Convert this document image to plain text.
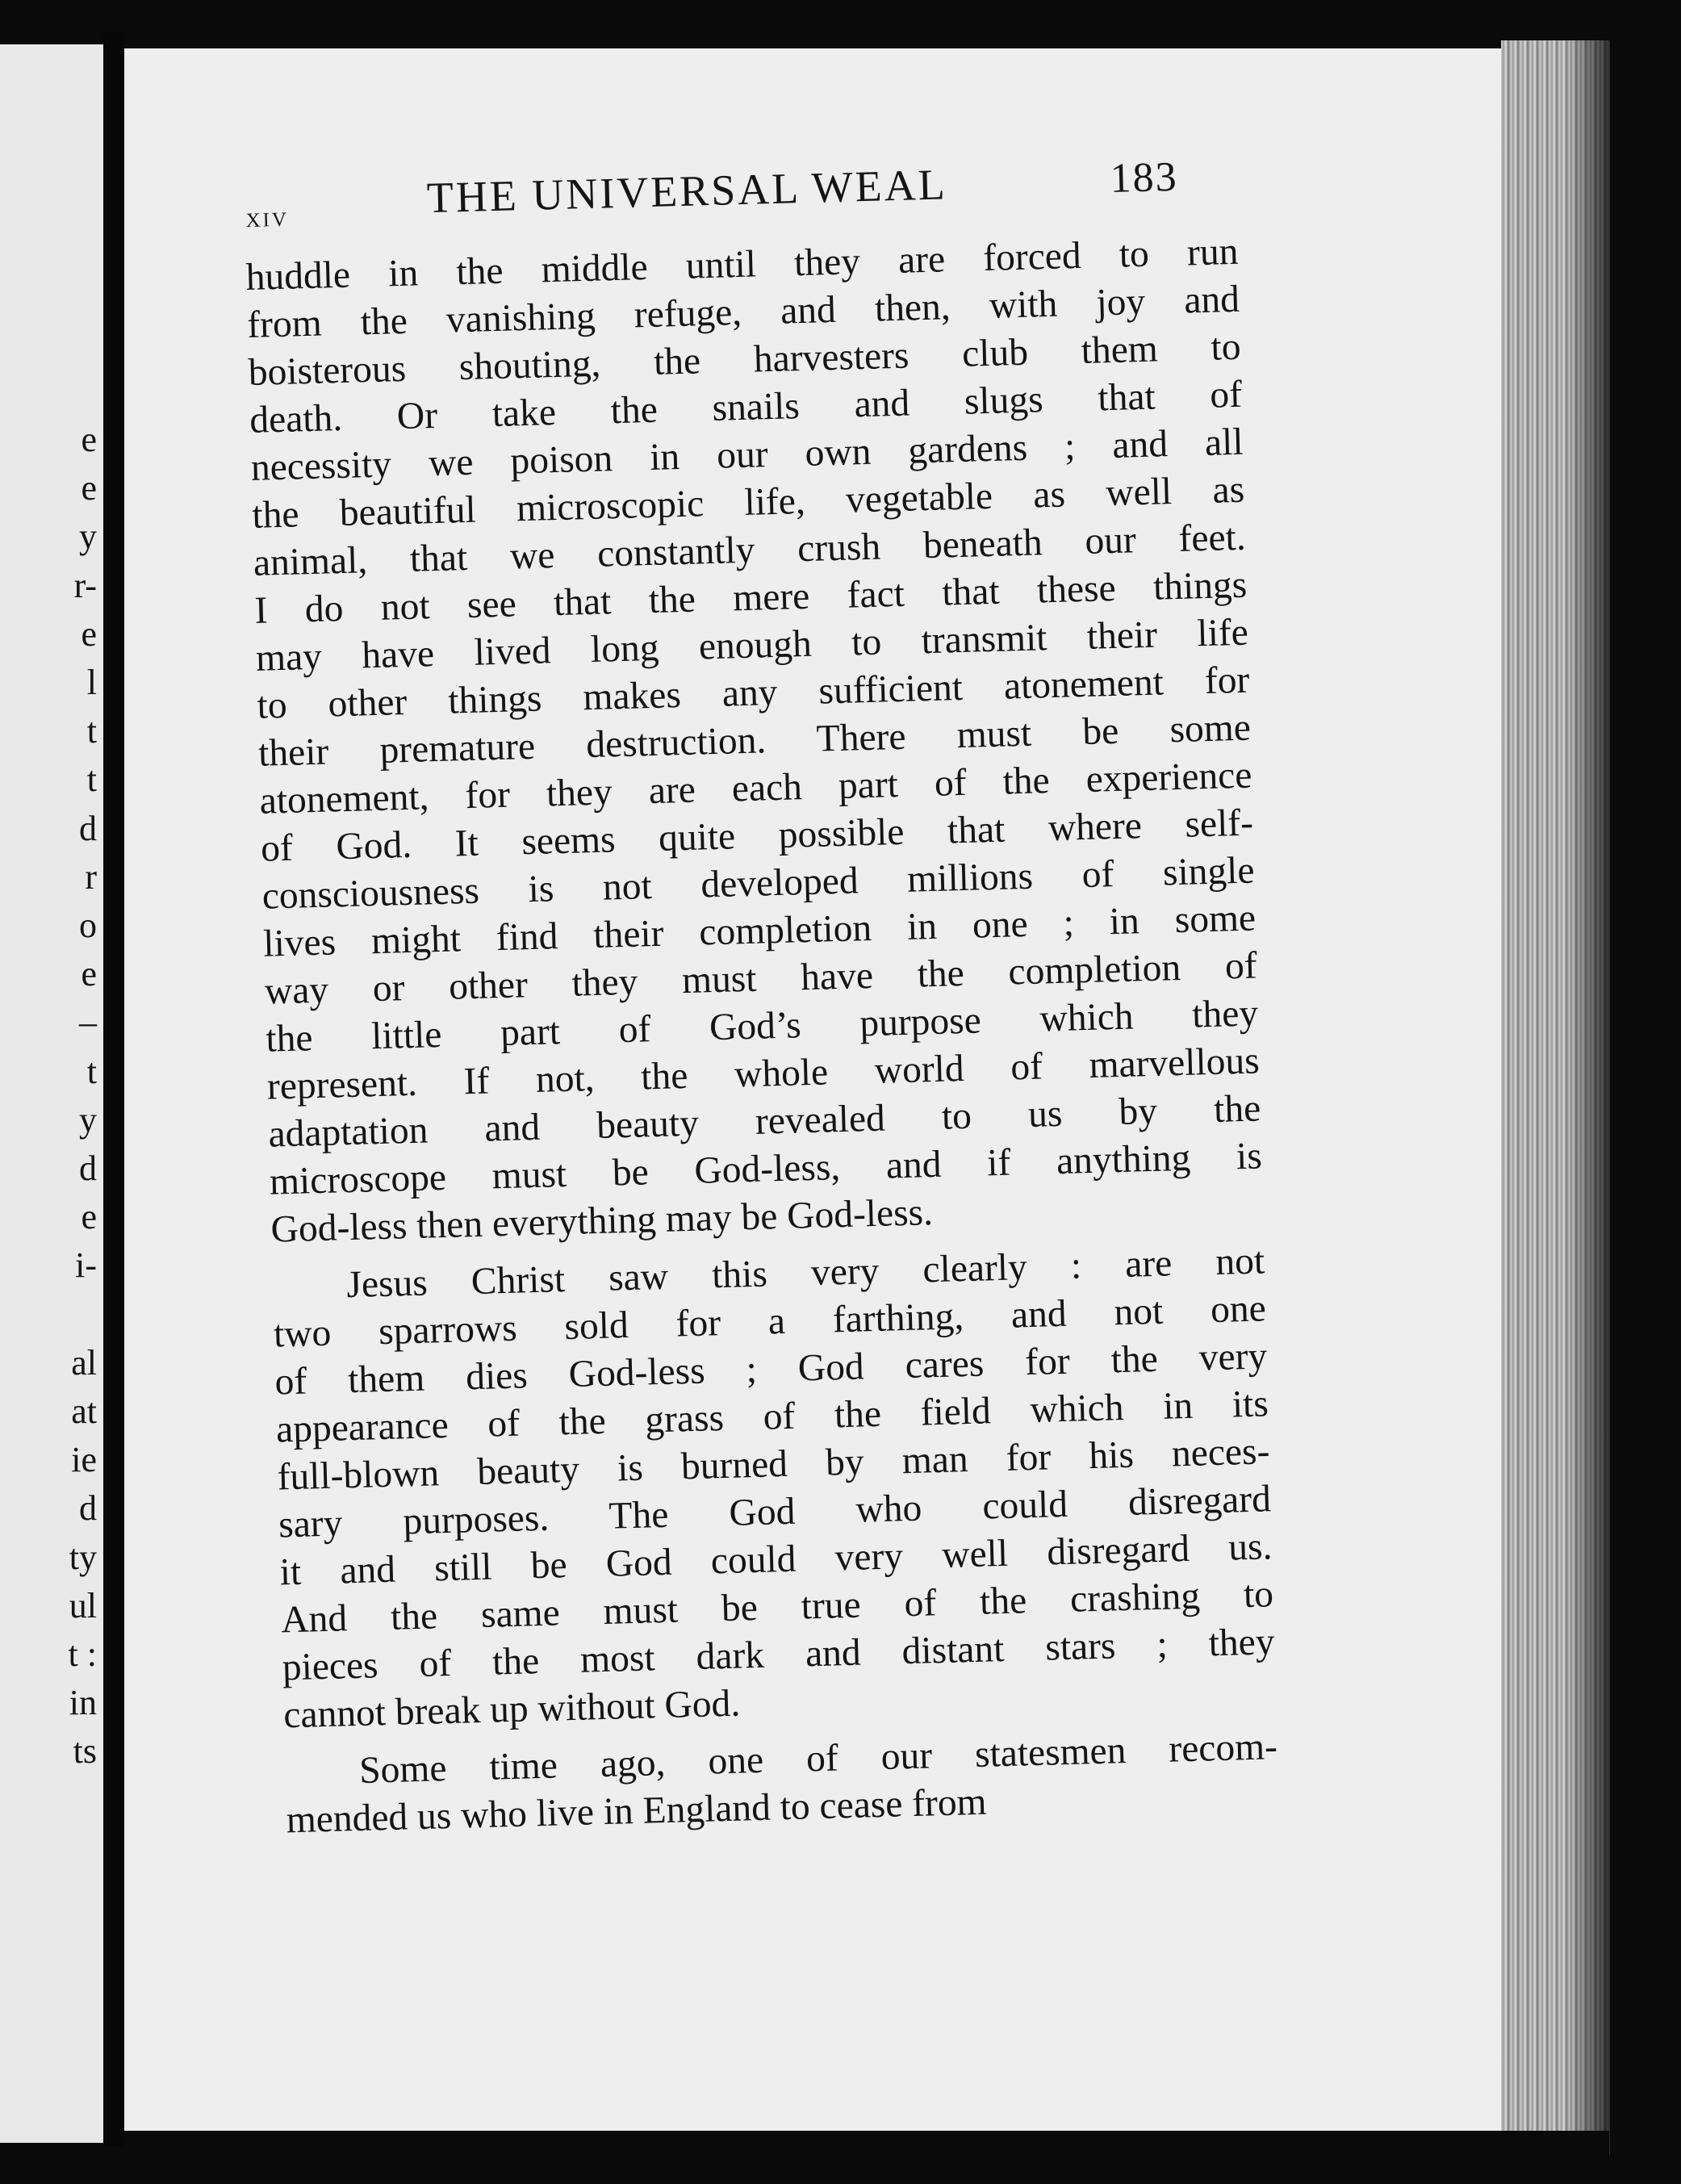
e
e
y
r-
e
l
t
t
d
r
o
e
–
t
y
d
e
i-
al
at
ie
d
ty
ul
t :
in
ts
xiv	THE UNIVERSAL WEAL	183
huddle in the middle until they are forced to run
from the vanishing refuge, and then, with joy and
boisterous shouting, the harvesters club them to
death. Or take the snails and slugs that of
necessity we poison in our own gardens ; and all
the beautiful microscopic life, vegetable as well as
animal, that we constantly crush beneath our feet.
I do not see that the mere fact that these things
may have lived long enough to transmit their life
to other things makes any sufficient atonement for
their premature destruction. There must be some
atonement, for they are each part of the experience
of God. It seems quite possible that where self-
consciousness is not developed millions of single
lives might find their completion in one ; in some
way or other they must have the completion of
the little part of God’s purpose which they
represent. If not, the whole world of marvellous
adaptation and beauty revealed to us by the
microscope must be God-less, and if anything is
God-less then everything may be God-less.
Jesus Christ saw this very clearly : are not
two sparrows sold for a farthing, and not one
of them dies God-less ; God cares for the very
appearance of the grass of the field which in its
full-blown beauty is burned by man for his neces-
sary purposes. The God who could disregard
it and still be God could very well disregard us.
And the same must be true of the crashing to
pieces of the most dark and distant stars ; they
cannot break up without God.
Some time ago, one of our statesmen recom-
mended us who live in England to cease from
